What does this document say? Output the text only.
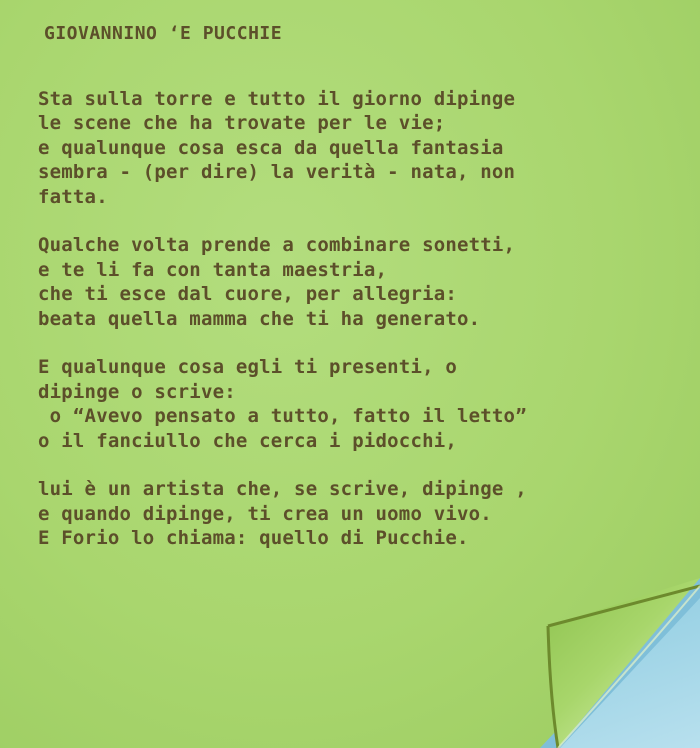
GIOVANNINO ‘E PUCCHIE
Sta sulla torre e tutto il giorno dipinge
le scene che ha trovate per le vie;
e qualunque cosa esca da quella fantasia
sembra - (per dire) la verità - nata, non
fatta.
Qualche volta prende a combinare sonetti,
e te li fa con tanta maestria,
che ti esce dal cuore, per allegria:
beata quella mamma che ti ha generato.
E qualunque cosa egli ti presenti, o
dipinge o scrive:
o “Avevo pensato a tutto, fatto il letto”
o il fanciullo che cerca i pidocchi,
lui è un artista che, se scrive, dipinge ,
e quando dipinge, ti crea un uomo vivo.
E Forio lo chiama: quello di Pucchie.
